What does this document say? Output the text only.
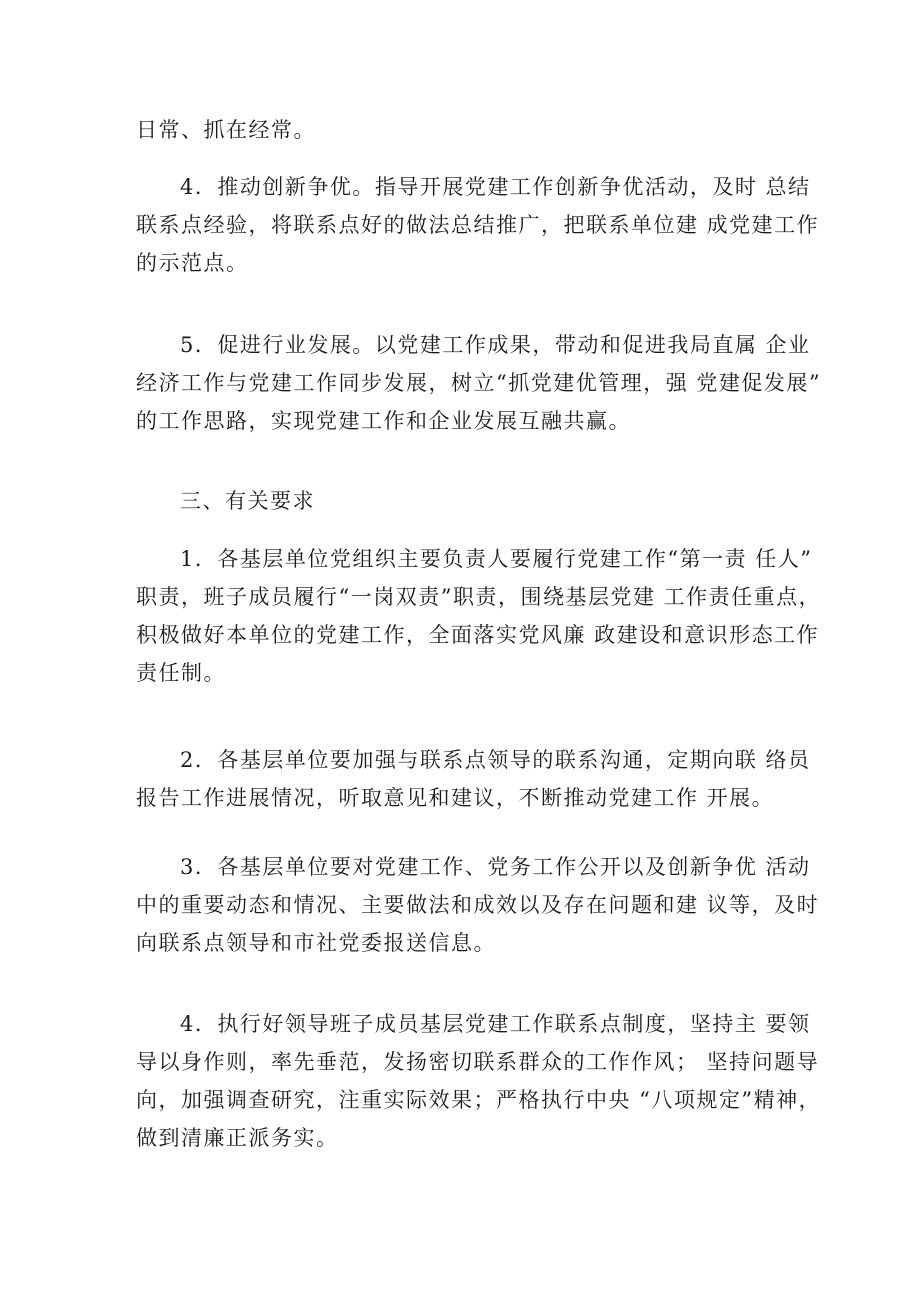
日常、抓在经常。

4．推动创新争优。指导开展党建工作创新争优活动，及时 总结
联系点经验，将联系点好的做法总结推广，把联系单位建 成党建工作
的示范点。

5．促进行业发展。以党建工作成果，带动和促进我局直属 企业
经济工作与党建工作同步发展，树立“抓党建优管理，强 党建促发展”
的工作思路，实现党建工作和企业发展互融共赢。

三、有关要求

1．各基层单位党组织主要负责人要履行党建工作“第一责 任人”
职责，班子成员履行“一岗双责”职责，围绕基层党建 工作责任重点，
积极做好本单位的党建工作，全面落实党风廉 政建设和意识形态工作
责任制。

2．各基层单位要加强与联系点领导的联系沟通，定期向联 络员
报告工作进展情况，听取意见和建议，不断推动党建工作 开展。

3．各基层单位要对党建工作、党务工作公开以及创新争优 活动
中的重要动态和情况、主要做法和成效以及存在问题和建 议等，及时
向联系点领导和市社党委报送信息。

4．执行好领导班子成员基层党建工作联系点制度，坚持主 要领
导以身作则，率先垂范，发扬密切联系群众的工作作风； 坚持问题导
向，加强调查研究，注重实际效果；严格执行中央 “八项规定”精神，
做到清廉正派务实。
